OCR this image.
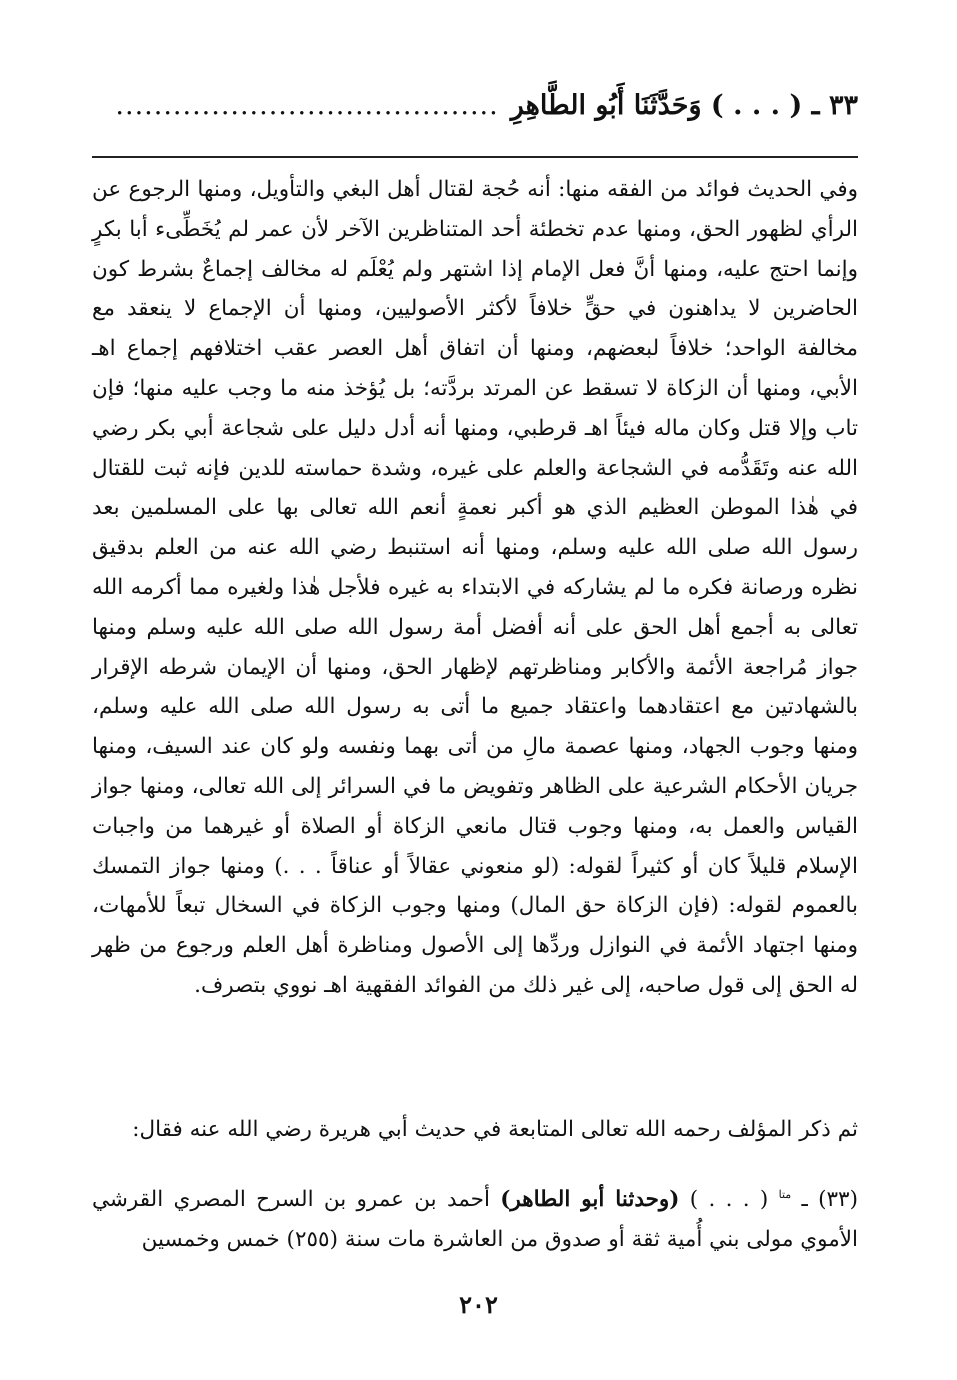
٣٣ ـ ( . . . ) وَحَدَّثَنَا أَبُو الطَّاهِرِ
........................................

وفي الحديث فوائد من الفقه منها: أنه حُجة لقتال أهل البغي والتأويل، ومنها الرجوع عن الرأي لظهور الحق، ومنها عدم تخطئة أحد المتناظرين الآخر لأن عمر لم يُخَطِّىء أبا بكرٍ وإنما احتج عليه، ومنها أنَّ فعل الإمام إذا اشتهر ولم يُعْلَم له مخالف إجماعٌ بشرط كون الحاضرين لا يداهنون في حقٍّ خلافاً لأكثر الأصوليين، ومنها أن الإجماع لا ينعقد مع مخالفة الواحد؛ خلافاً لبعضهم، ومنها أن اتفاق أهل العصر عقب اختلافهم إجماع اهـ الأبي، ومنها أن الزكاة لا تسقط عن المرتد بردَّته؛ بل يُؤخذ منه ما وجب عليه منها؛ فإن تاب وإلا قتل وكان ماله فيئاً اهـ قرطبي، ومنها أنه أدل دليل على شجاعة أبي بكر رضي الله عنه وتَقَدُّمه في الشجاعة والعلم على غيره، وشدة حماسته للدين فإنه ثبت للقتال في هٰذا الموطن العظيم الذي هو أكبر نعمةٍ أنعم الله تعالى بها على المسلمين بعد رسول الله صلى الله عليه وسلم، ومنها أنه استنبط رضي الله عنه من العلم بدقيق نظره ورصانة فكره ما لم يشاركه في الابتداء به غيره فلأجل هٰذا ولغيره مما أكرمه الله تعالى به أجمع أهل الحق على أنه أفضل أمة رسول الله صلى الله عليه وسلم ومنها جواز مُراجعة الأئمة والأكابر ومناظرتهم لإظهار الحق، ومنها أن الإيمان شرطه الإقرار بالشهادتين مع اعتقادهما واعتقاد جميع ما أتى به رسول الله صلى الله عليه وسلم، ومنها وجوب الجهاد، ومنها عصمة مالِ من أتى بهما ونفسه ولو كان عند السيف، ومنها جريان الأحكام الشرعية على الظاهر وتفويض ما في السرائر إلى الله تعالى، ومنها جواز القياس والعمل به، ومنها وجوب قتال مانعي الزكاة أو الصلاة أو غيرهما من واجبات الإسلام قليلاً كان أو كثيراً لقوله: (لو منعوني عقالاً أو عناقاً . . .) ومنها جواز التمسك بالعموم لقوله: (فإن الزكاة حق المال) ومنها وجوب الزكاة في السخال تبعاً للأمهات، ومنها اجتهاد الأئمة في النوازل وردِّها إلى الأصول ومناظرة أهل العلم ورجوع من ظهر له الحق إلى قول صاحبه، إلى غير ذلك من الفوائد الفقهية اهـ نووي بتصرف.

ثم ذكر المؤلف رحمه الله تعالى المتابعة في حديث أبي هريرة رضي الله عنه فقال:
(٣٣) ـ $^{متا}$ ( . . . ) (وحدثنا أبو الطاهر) أحمد بن عمرو بن السرح المصري القرشي الأموي مولى بني أُمية ثقة أو صدوق من العاشرة مات سنة (٢٥٥) خمس وخمسين
٢٠٢
